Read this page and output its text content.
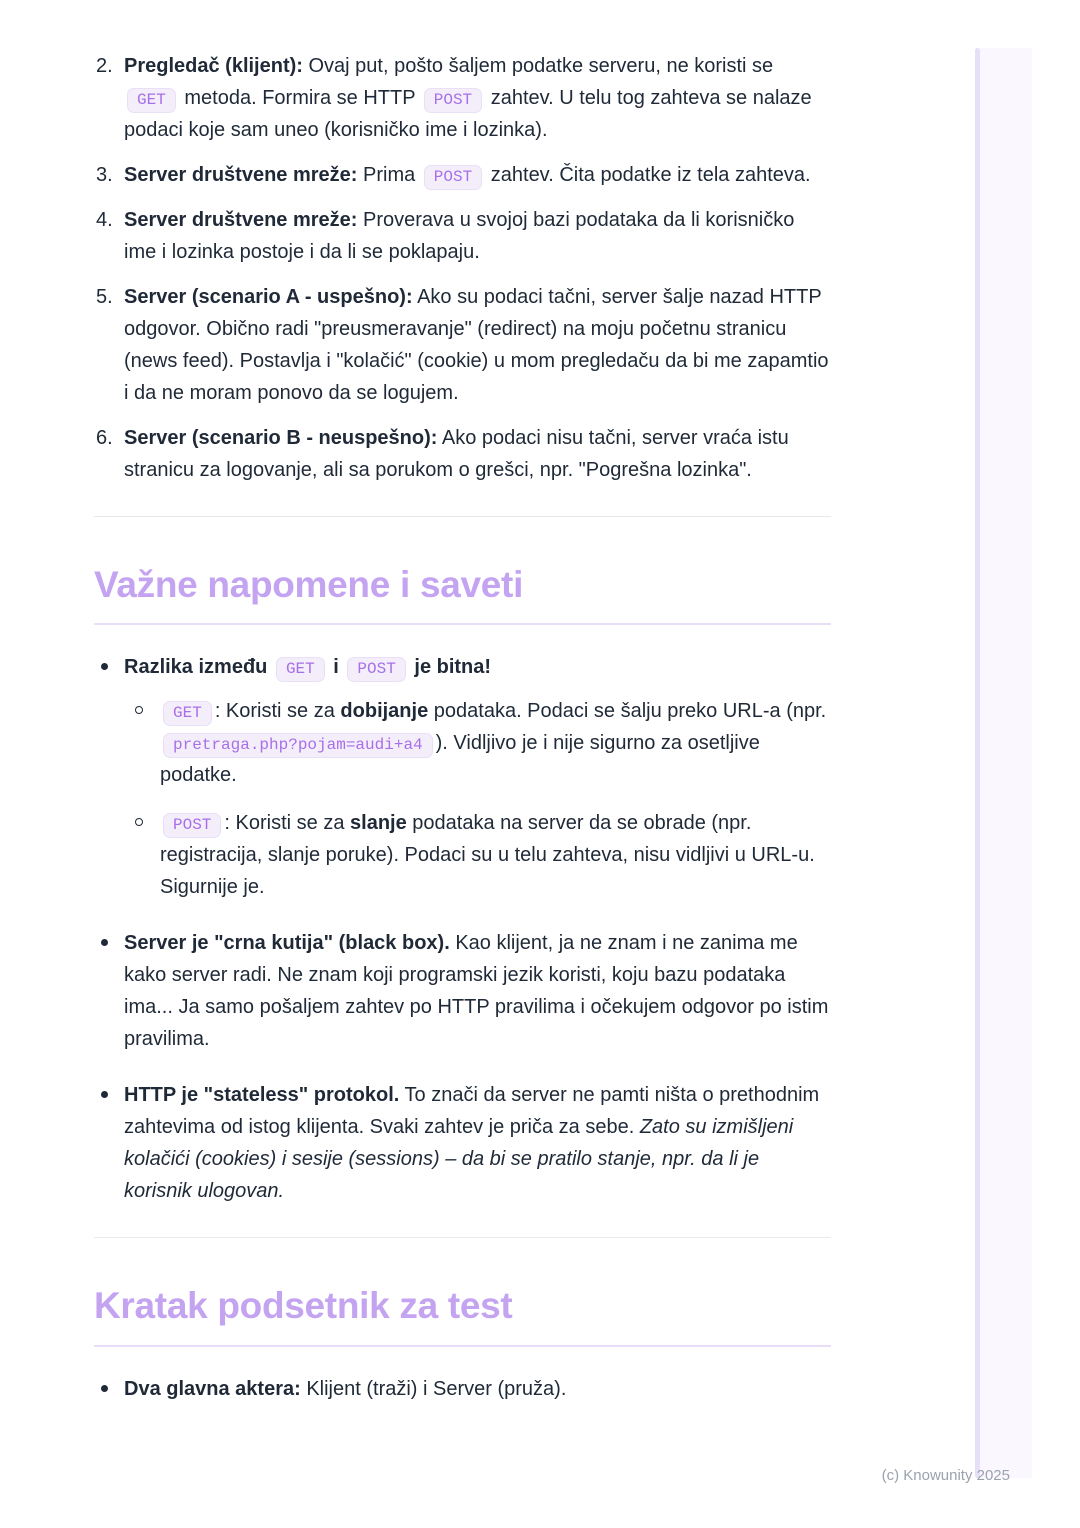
2. Pregledač (klijent): Ovaj put, pošto šaljem podatke serveru, ne koristi se GET metoda. Formira se HTTP POST zahtev. U telu tog zahteva se nalaze podaci koje sam uneo (korisničko ime i lozinka).
3. Server društvene mreže: Prima POST zahtev. Čita podatke iz tela zahteva.
4. Server društvene mreže: Proverava u svojoj bazi podataka da li korisničko ime i lozinka postoje i da li se poklapaju.
5. Server (scenario A - uspešno): Ako su podaci tačni, server šalje nazad HTTP odgovor. Obično radi "preusmeravanje" (redirect) na moju početnu stranicu (news feed). Postavlja i "kolačić" (cookie) u mom pregledaču da bi me zapamtio i da ne moram ponovo da se logujem.
6. Server (scenario B - neuspešno): Ako podaci nisu tačni, server vraća istu stranicu za logovanje, ali sa porukom o grešci, npr. "Pogrešna lozinka".
Važne napomene i saveti
Razlika između GET i POST je bitna!
GET : Koristi se za dobijanje podataka. Podaci se šalju preko URL-a (npr. pretraga.php?pojam=audi+a4 ). Vidljivo je i nije sigurno za osetljive podatke.
POST : Koristi se za slanje podataka na server da se obrade (npr. registracija, slanje poruke). Podaci su u telu zahteva, nisu vidljivi u URL-u. Sigurnije je.
Server je "crna kutija" (black box). Kao klijent, ja ne znam i ne zanima me kako server radi. Ne znam koji programski jezik koristi, koju bazu podataka ima... Ja samo pošaljem zahtev po HTTP pravilima i očekujem odgovor po istim pravilima.
HTTP je "stateless" protokol. To znači da server ne pamti ništa o prethodnim zahtevima od istog klijenta. Svaki zahtev je priča za sebe. Zato su izmišljeni kolačići (cookies) i sesije (sessions) – da bi se pratilo stanje, npr. da li je korisnik ulogovan.
Kratak podsetnik za test
Dva glavna aktera: Klijent (traži) i Server (pruža).
(c) Knowunity 2025
